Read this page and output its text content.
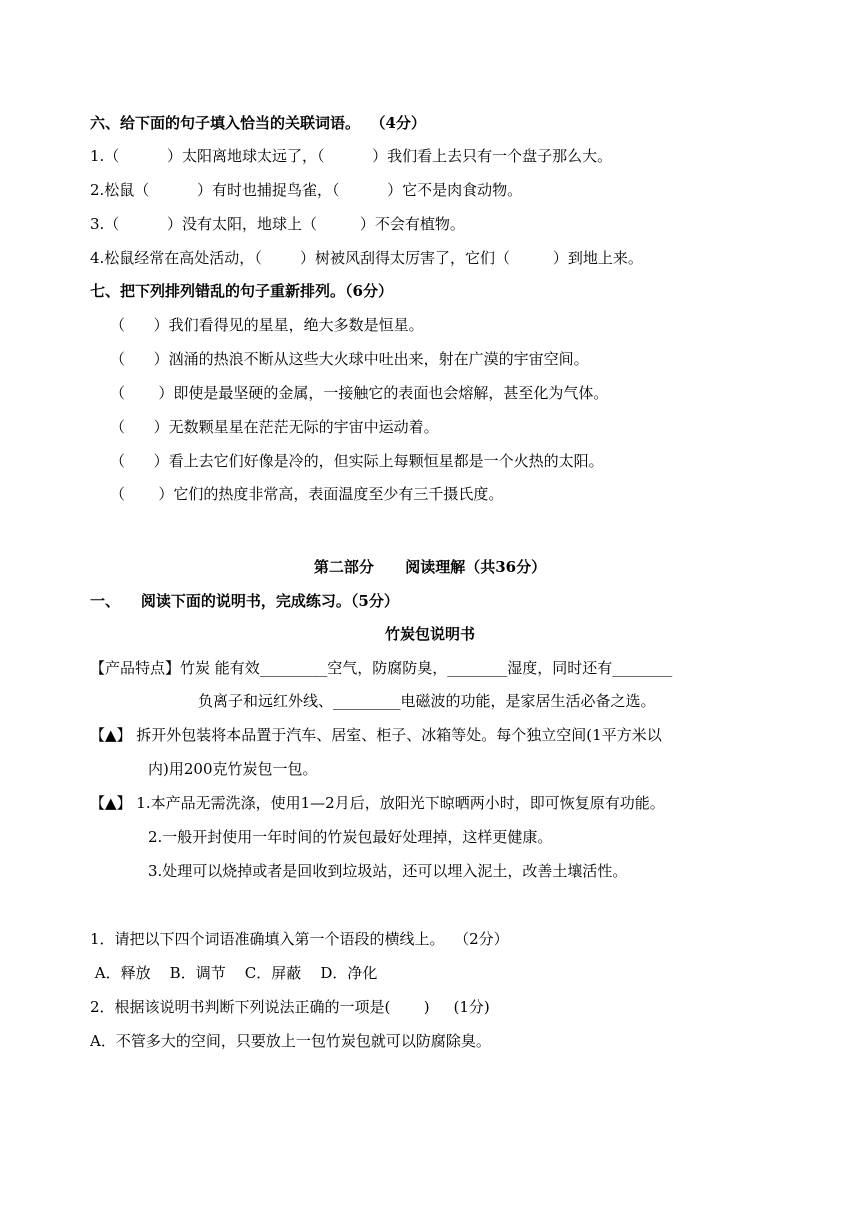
六、给下面的句子填入恰当的关联词语。  （4分）
1.（          ）太阳离地球太远了，（          ）我们看上去只有一个盘子那么大。
2.松鼠（          ）有时也捕捉鸟雀，（          ）它不是肉食动物。
3.（          ）没有太阳，地球上（         ）不会有植物。
4.松鼠经常在高处活动，（        ）树被风刮得太厉害了，它们（         ）到地上来。
七、把下列排列错乱的句子重新排列。（6分）
（      ）我们看得见的星星，绝大多数是恒星。
（      ）汹涌的热浪不断从这些大火球中吐出来，射在广漠的宇宙空间。
（       ）即使是最坚硬的金属，一接触它的表面也会熔解，甚至化为气体。
（      ）无数颗星星在茫茫无际的宇宙中运动着。
（      ）看上去它们好像是冷的，但实际上每颗恒星都是一个火热的太阳。
（       ）它们的热度非常高，表面温度至少有三千摄氏度。
第二部分      阅读理解（共36分）
一、    阅读下面的说明书，完成练习。（5分）
竹炭包说明书
【产品特点】竹炭 能有效_________空气，防腐防臭，________湿度，同时还有________
负离子和远红外线、_________电磁波的功能，是家居生活必备之选。
【▲】 拆开外包装将本品置于汽车、居室、柜子、冰箱等处。每个独立空间(1平方米以
内)用200克竹炭包一包。
【▲】 1.本产品无需洗涤，使用1—2月后，放阳光下晾晒两小时，即可恢复原有功能。
2.一般开封使用一年时间的竹炭包最好处理掉，这样更健康。
3.处理可以烧掉或者是回收到垃圾站，还可以埋入泥土，改善土壤活性。
1．请把以下四个词语准确填入第一个语段的横线上。  （2分）
A．释放    B．调节    C．屏蔽    D．净化
2．根据该说明书判断下列说法正确的一项是(       )     (1分)
A．不管多大的空间，只要放上一包竹炭包就可以防腐除臭。
